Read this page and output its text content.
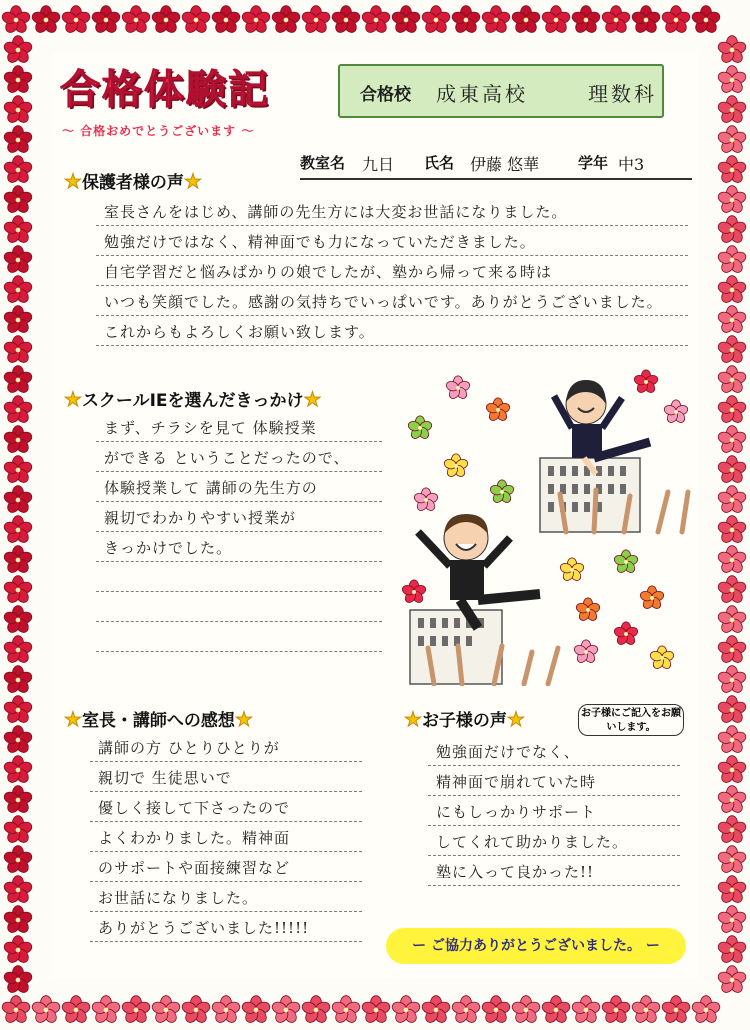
合格体験記
〜 合格おめでとうございます 〜
合格校 成東高校	理数科
教室名 九日 氏名 伊藤 悠華	学年 中3
★保護者様の声★
室長さんをはじめ、講師の先生方には大変お世話になりました。
勉強だけではなく、精神面でも力になっていただきました。
自宅学習だと悩みばかりの娘でしたが、塾から帰って来る時は
いつも笑顔でした。感謝の気持ちでいっぱいです。ありがとうございました。
これからもよろしくお願い致します。
★スクールIEを選んだきっかけ★
まず、チラシを見て 体験授業
ができる ということだったので、
体験授業して 講師の先生方の
親切でわかりやすい授業が
きっかけでした。
★室長・講師への感想★
講師の方 ひとりひとりが
親切で 生徒思いで
優しく接して下さったので
よくわかりました。精神面
のサポートや面接練習など
お世話になりました。
ありがとうございました!!!!!
★お子様の声★	お子様にご記入をお願いします。
勉強面だけでなく、
精神面で崩れていた時
にもしっかりサポート
してくれて助かりました。
塾に入って良かった!!
ー ご協力ありがとうございました。 ー
